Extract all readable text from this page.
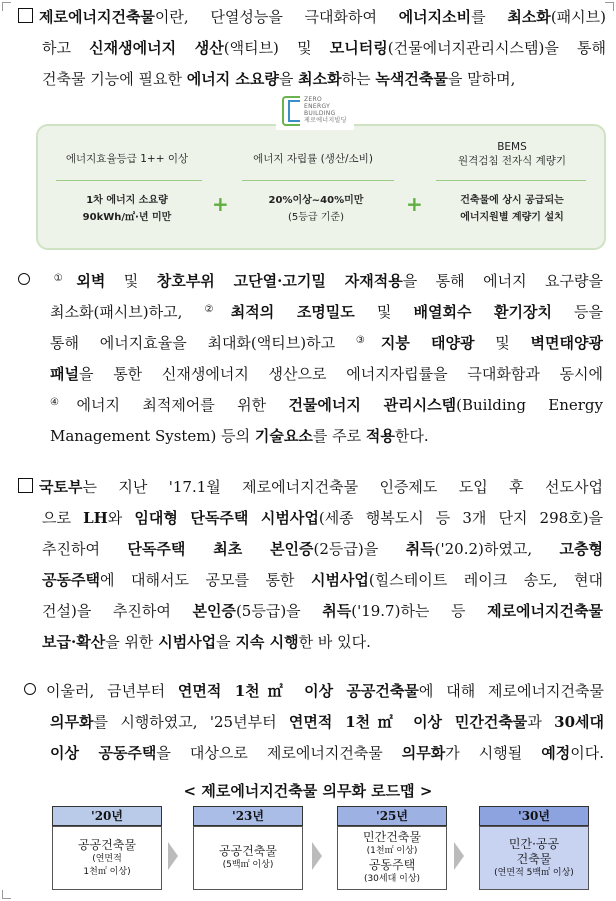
제로에너지건축물이란, 단열성능을 극대화하여 에너지소비를 최소화(패시브)
하고 신재생에너지 생산(액티브) 및 모니터링(건물에너지관리시스템)을 통해
건축물 기능에 필요한 에너지 소요량을 최소화하는 녹색건축물을 말하며,
에너지효율등급 1++ 이상
1차 에너지 소요량
90kWh/㎡·년 미만
+
에너지 자립률 (생산/소비)
20%이상~40%미만
(5등급 기준)
+
BEMS
원격검침 전자식 계량기
건축물에 상시 공급되는
에너지원별 계량기 설치
ZERO
ENERGY
BUILDING
제로에너지빌딩
①외벽 및 창호부위 고단열·고기밀 자재적용을 통해 에너지 요구량을
최소화(패시브)하고, ②최적의 조명밀도 및 배열회수 환기장치 등을
통해 에너지효율을 최대화(액티브)하고 ③지붕 태양광 및 벽면태양광
패널을 통한 신재생에너지 생산으로 에너지자립률을 극대화함과 동시에
④에너지 최적제어를 위한 건물에너지 관리시스템(Building Energy
Management System) 등의 기술요소를 주로 적용한다.
국토부는 지난 '17.1월 제로에너지건축물 인증제도 도입 후 선도사업
으로 LH와 임대형 단독주택 시범사업(세종 행복도시 등 3개 단지 298호)을
추진하여 단독주택 최초 본인증(2등급)을 취득('20.2)하였고, 고층형
공동주택에 대해서도 공모를 통한 시범사업(힐스테이트 레이크 송도, 현대
건설)을 추진하여 본인증(5등급)을 취득('19.7)하는 등 제로에너지건축물
보급·확산을 위한 시범사업을 지속 시행한 바 있다.
이울러, 금년부터 연면적 1천㎡ 이상 공공건축물에 대해 제로에너지건축물
의무화를 시행하였고, '25년부터 연면적 1천㎡ 이상 민간건축물과 30세대
이상 공동주택을 대상으로 제로에너지건축물 의무화가 시행될 예정이다.
< 제로에너지건축물 의무화 로드맵 >
'20년
공공건축물
(연면적
1천㎡ 이상)
'23년
공공건축물
(5백㎡ 이상)
'25년
민간건축물
(1천㎡ 이상)
공동주택
(30세대 이상)
'30년
민간·공공
건축물
(연면적 5백㎡ 이상)
